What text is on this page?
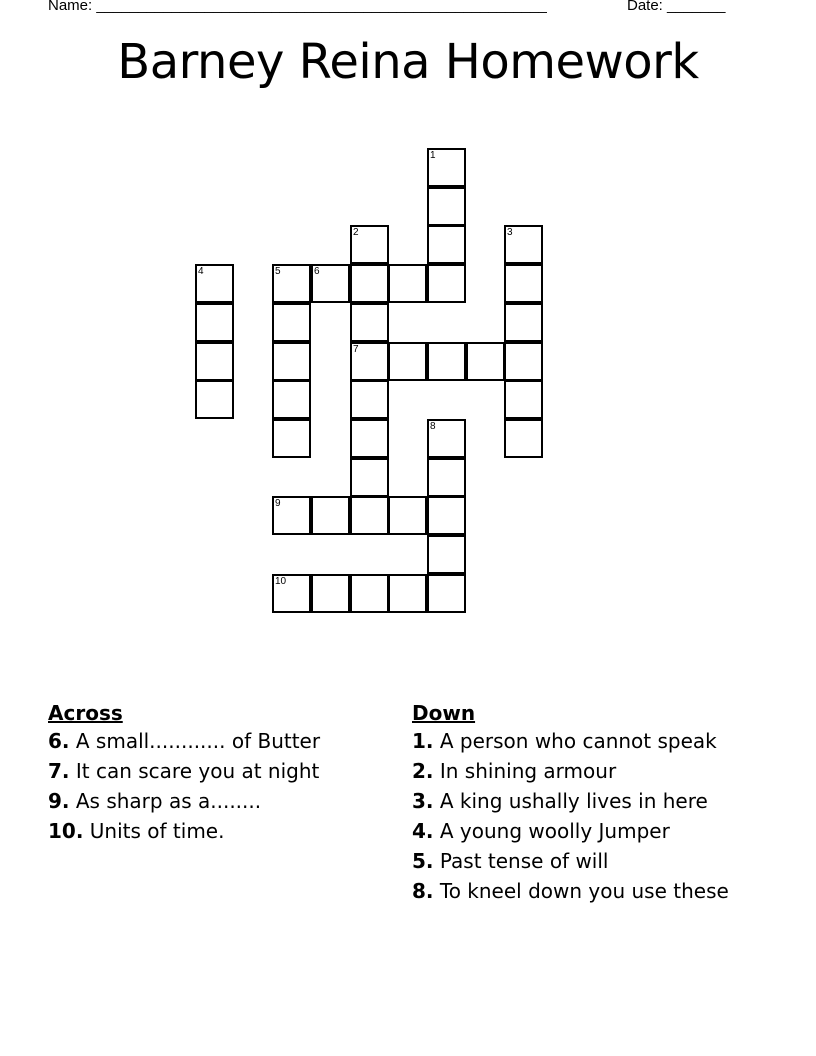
Name: ______________________________________________________	Date: _______
Barney Reina Homework
1
2
7
3
4	5	6
8
9
10
Across
6. A small............ of Butter
7. It can scare you at night
9. As sharp as a........
10. Units of time.
Down
1. A person who cannot speak
2. In shining armour
3. A king ushally lives in here
4. A young woolly Jumper
5. Past tense of will
8. To kneel down you use these
